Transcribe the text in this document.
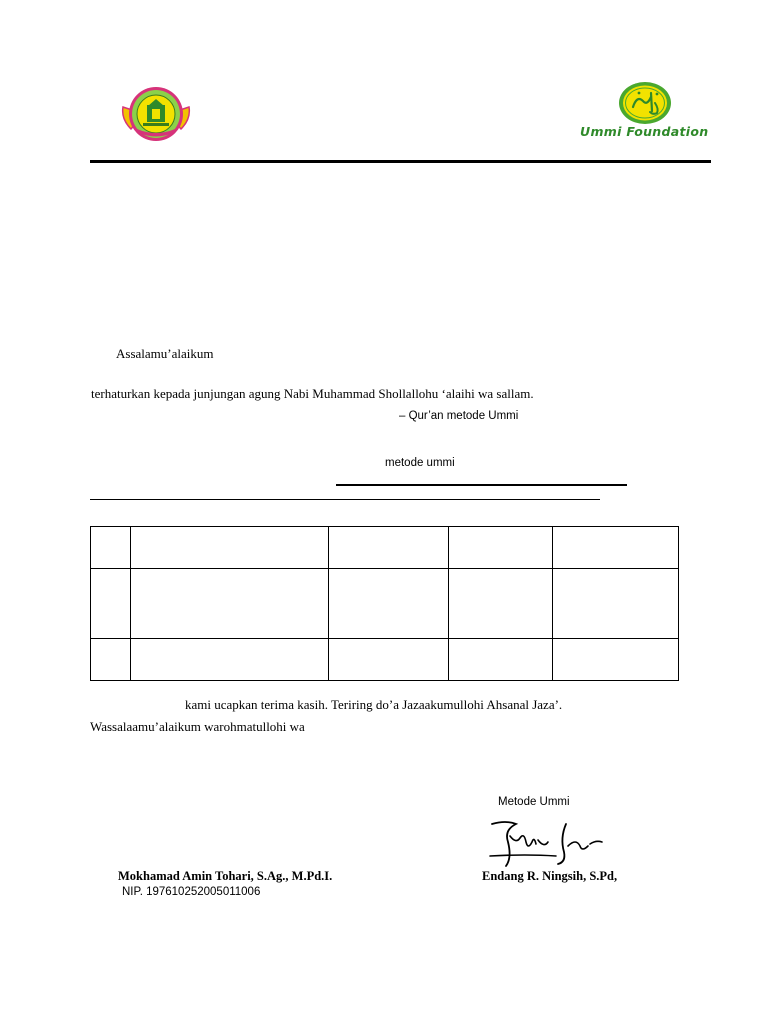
Ummi Foundation
Assalamu’alaikum
terhaturkan kepada junjungan agung Nabi Muhammad Shollallohu ‘alaihi wa sallam.
– Qur’an metode Ummi
metode ummi

kami ucapkan terima kasih. Teriring do’a Jazaakumullohi Ahsanal Jaza’.
Wassalaamu’alaikum warohmatullohi wa
Metode Ummi
Mokhamad Amin Tohari, S.Ag., M.Pd.I.	Endang R. Ningsih, S.Pd,
NIP. 197610252005011006
